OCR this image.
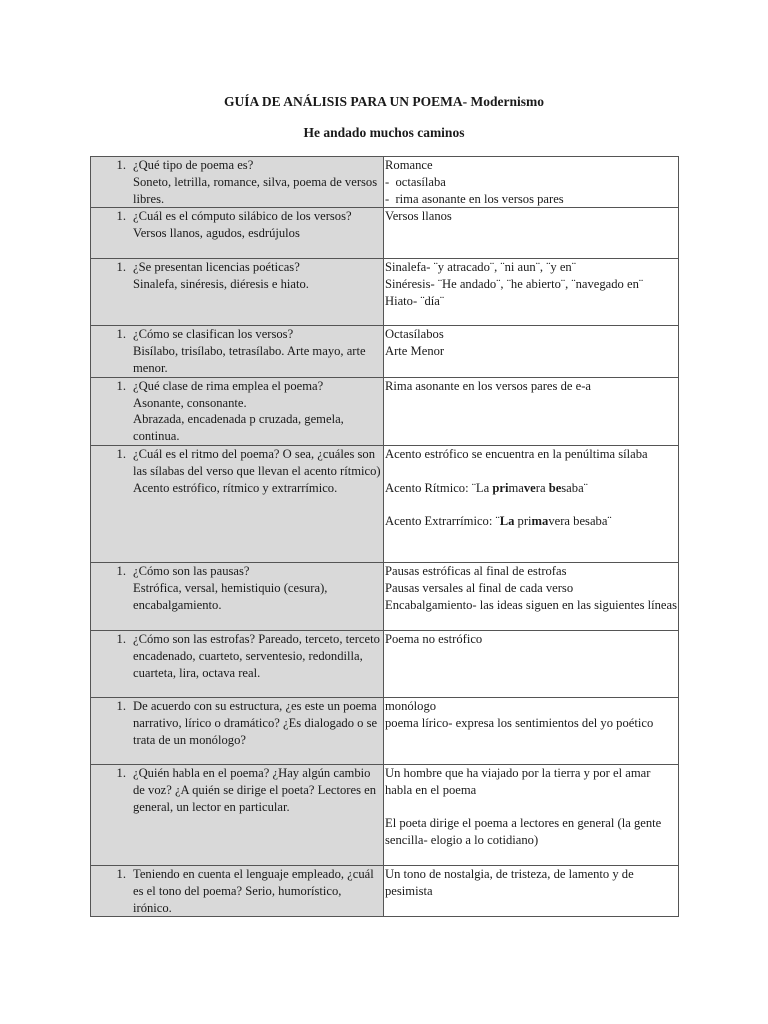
GUÍA DE ANÁLISIS PARA UN POEMA- Modernismo
He andado muchos caminos
1. ¿Qué tipo de poema es?
Soneto, letrilla, romance, silva, poema de versos libres.	Romance
-  octasílaba
-  rima asonante en los versos pares

1. ¿Cuál es el cómputo silábico de los versos? Versos llanos, agudos, esdrújulos	Versos llanos

1. ¿Se presentan licencias poéticas?
Sinalefa, sinéresis, diéresis e hiato.	Sinalefa- ¨y atracado¨, ¨ni aun¨, ¨y en¨
Sinéresis- ¨He andado¨, ¨he abierto¨, ¨navegado en¨
Hiato- ¨día¨

1. ¿Cómo se clasifican los versos?
Bisílabo, trisílabo, tetrasílabo. Arte mayo, arte menor.	Octasílabos
Arte Menor

1. ¿Qué clase de rima emplea el poema?
Asonante, consonante.
Abrazada, encadenada p cruzada, gemela, continua.	Rima asonante en los versos pares de e-a

1. ¿Cuál es el ritmo del poema? O sea, ¿cuáles son las sílabas del verso que llevan el acento rítmico)
Acento estrófico, rítmico y extrarrímico.	Acento estrófico se encuentra en la penúltima sílaba
Acento Rítmico: ¨La primavera besaba¨
Acento Extrarrímico: ¨La primavera besaba¨

1. ¿Cómo son las pausas?
Estrófica, versal, hemistiquio (cesura), encabalgamiento.	Pausas estróficas al final de estrofas
Pausas versales al final de cada verso
Encabalgamiento- las ideas siguen en las siguientes líneas

1. ¿Cómo son las estrofas? Pareado, terceto, terceto encadenado, cuarteto, serventesio, redondilla, cuarteta, lira, octava real.	Poema no estrófico

1. De acuerdo con su estructura, ¿es este un poema narrativo, lírico o dramático? ¿Es dialogado o se trata de un monólogo?	monólogo
poema lírico- expresa los sentimientos del yo poético

1. ¿Quién habla en el poema? ¿Hay algún cambio de voz? ¿A quién se dirige el poeta? Lectores en general, un lector en particular.	Un hombre que ha viajado por la tierra y por el amar habla en el poema
El poeta dirige el poema a lectores en general (la gente sencilla- elogio a lo cotidiano)

1. Teniendo en cuenta el lenguaje empleado, ¿cuál es el tono del poema? Serio, humorístico, irónico.	Un tono de nostalgia, de tristeza, de lamento y de pesimista
